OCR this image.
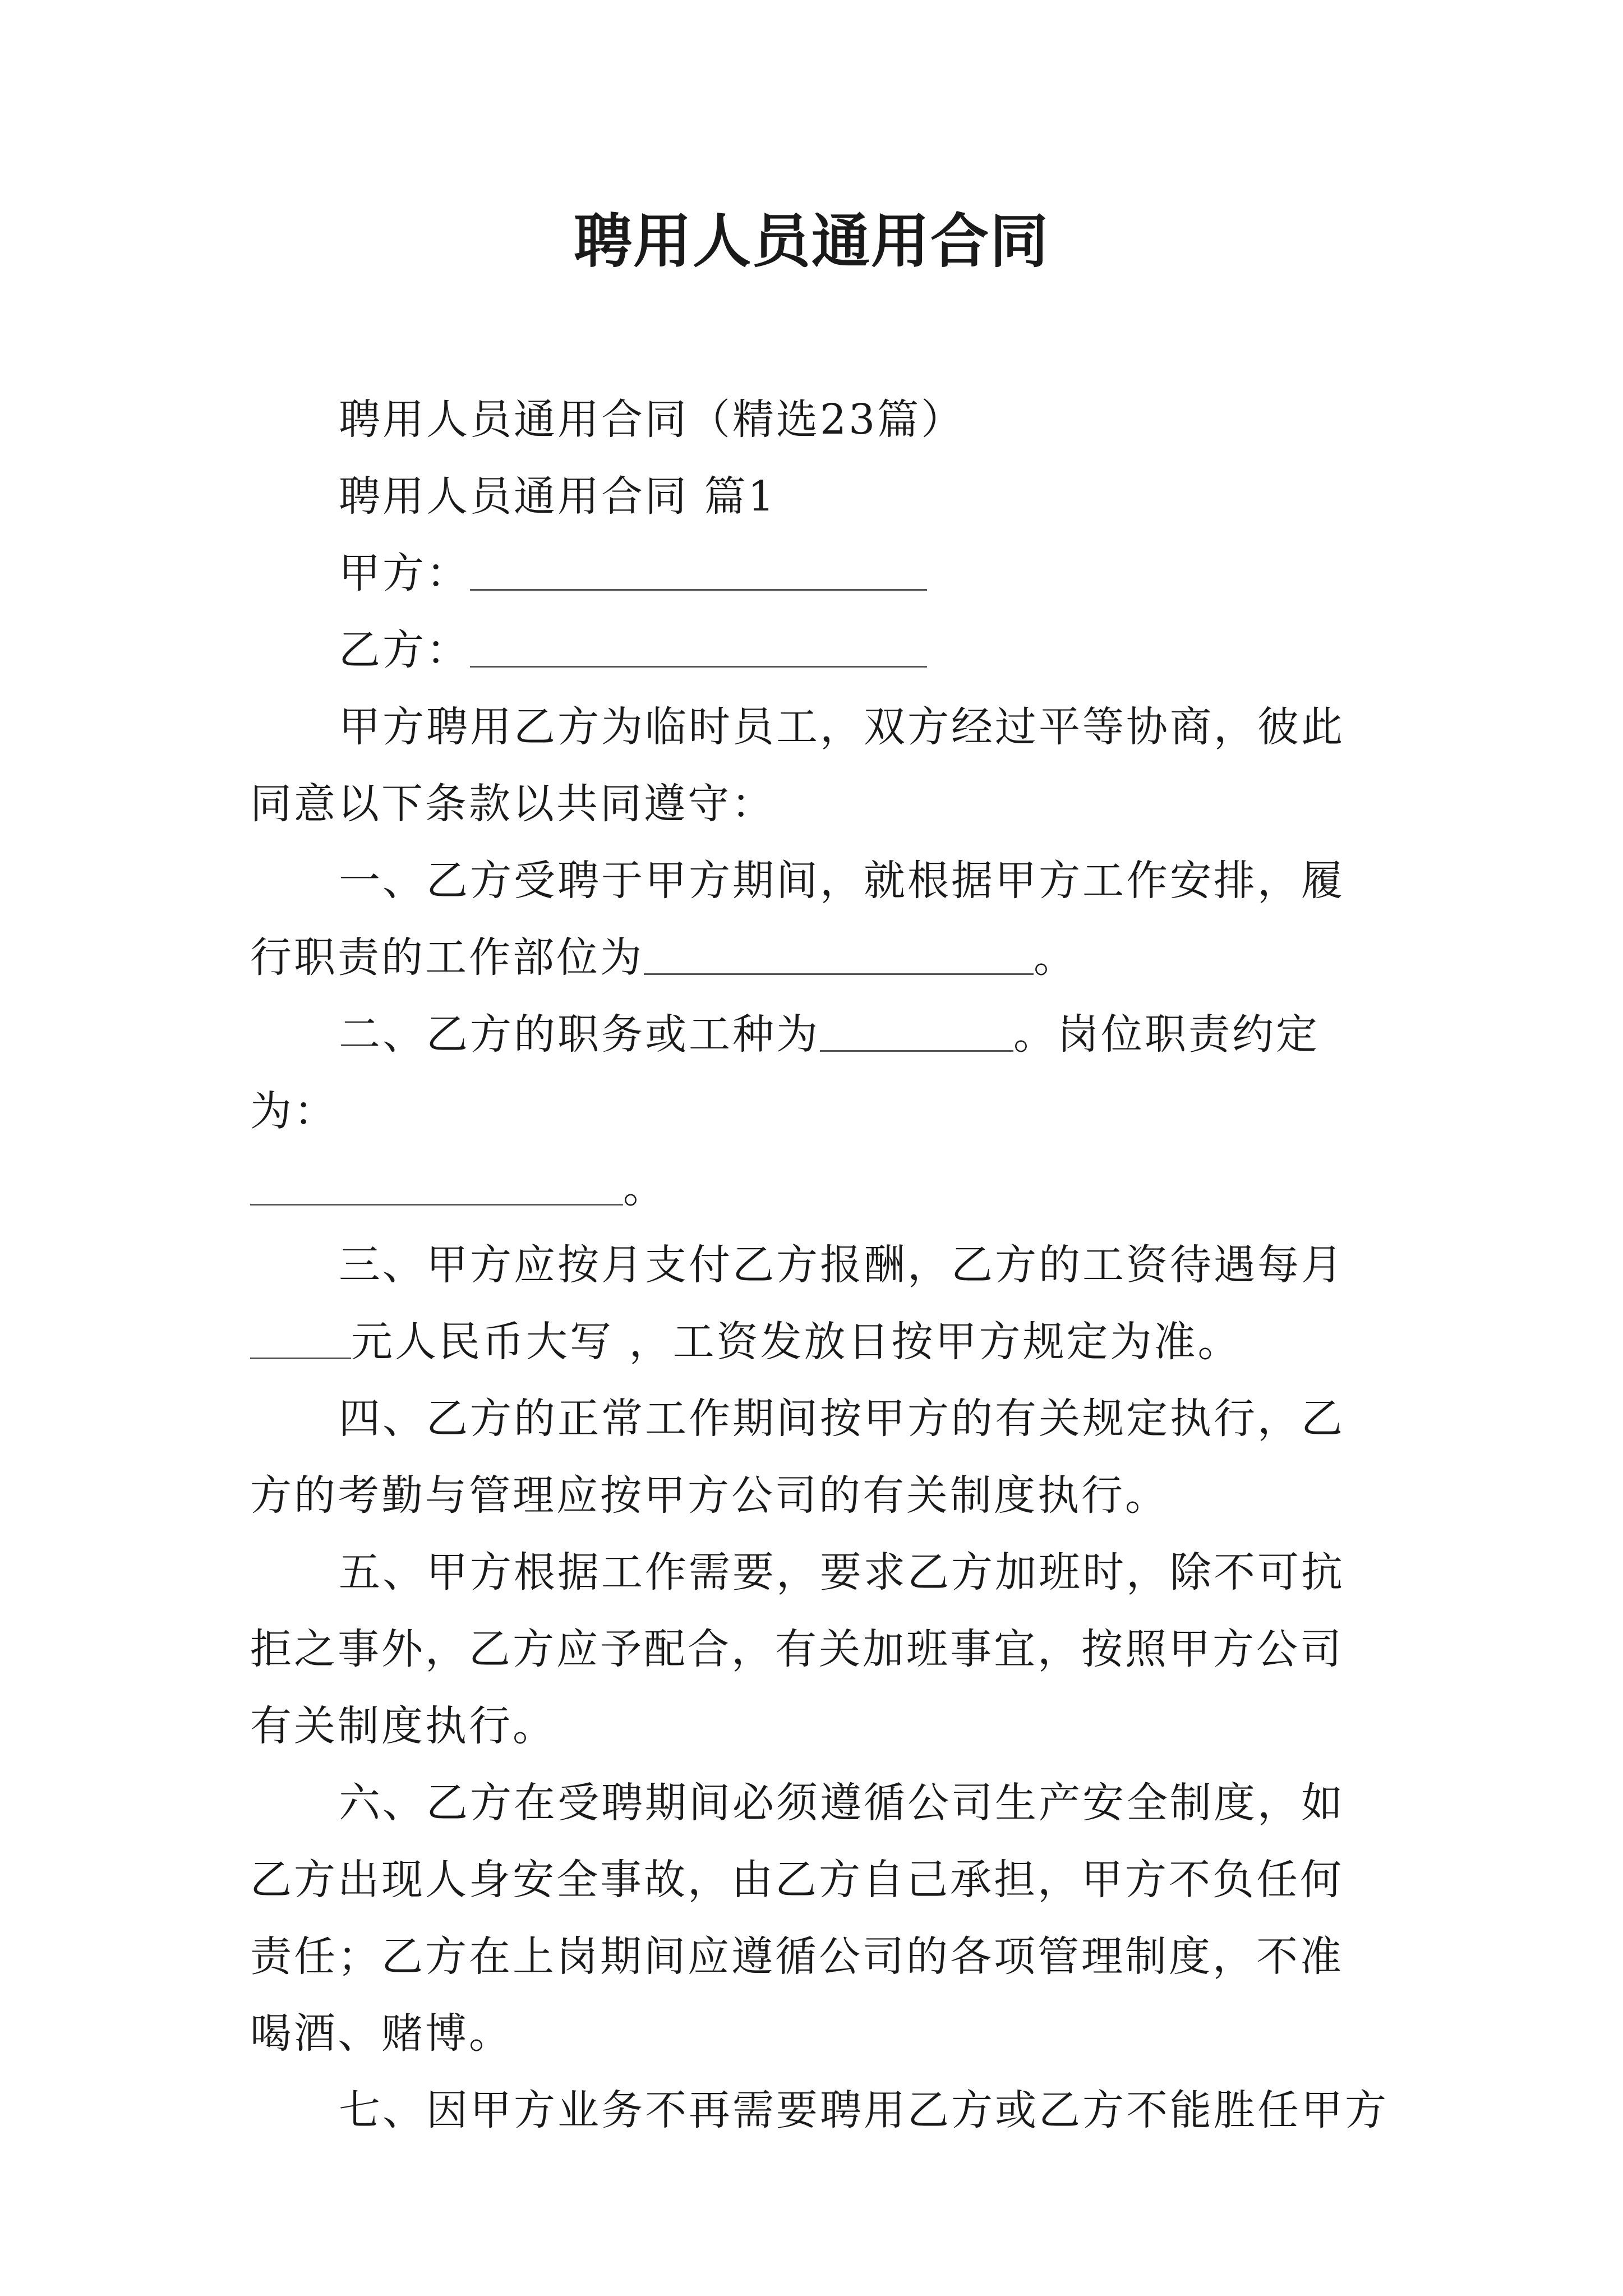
聘用人员通用合同

聘用人员通用合同（精选23篇）

聘用人员通用合同 篇1

甲方：

乙方：

甲方聘用乙方为临时员工，双方经过平等协商，彼此同意以下条款以共同遵守：

一、乙方受聘于甲方期间，就根据甲方工作安排，履行职责的工作部位为	。

二、乙方的职务或工种为	。岗位职责约定为：

。

三、甲方应按月支付乙方报酬，乙方的工资待遇每月

元人民币大写 ，工资发放日按甲方规定为准。

四、乙方的正常工作期间按甲方的有关规定执行，乙方的考勤与管理应按甲方公司的有关制度执行。

五、甲方根据工作需要，要求乙方加班时，除不可抗拒之事外，乙方应予配合，有关加班事宜，按照甲方公司有关制度执行。

六、乙方在受聘期间必须遵循公司生产安全制度，如乙方出现人身安全事故，由乙方自己承担，甲方不负任何责任；乙方在上岗期间应遵循公司的各项管理制度，不准喝酒、赌博。

七、因甲方业务不再需要聘用乙方或乙方不能胜任甲方
